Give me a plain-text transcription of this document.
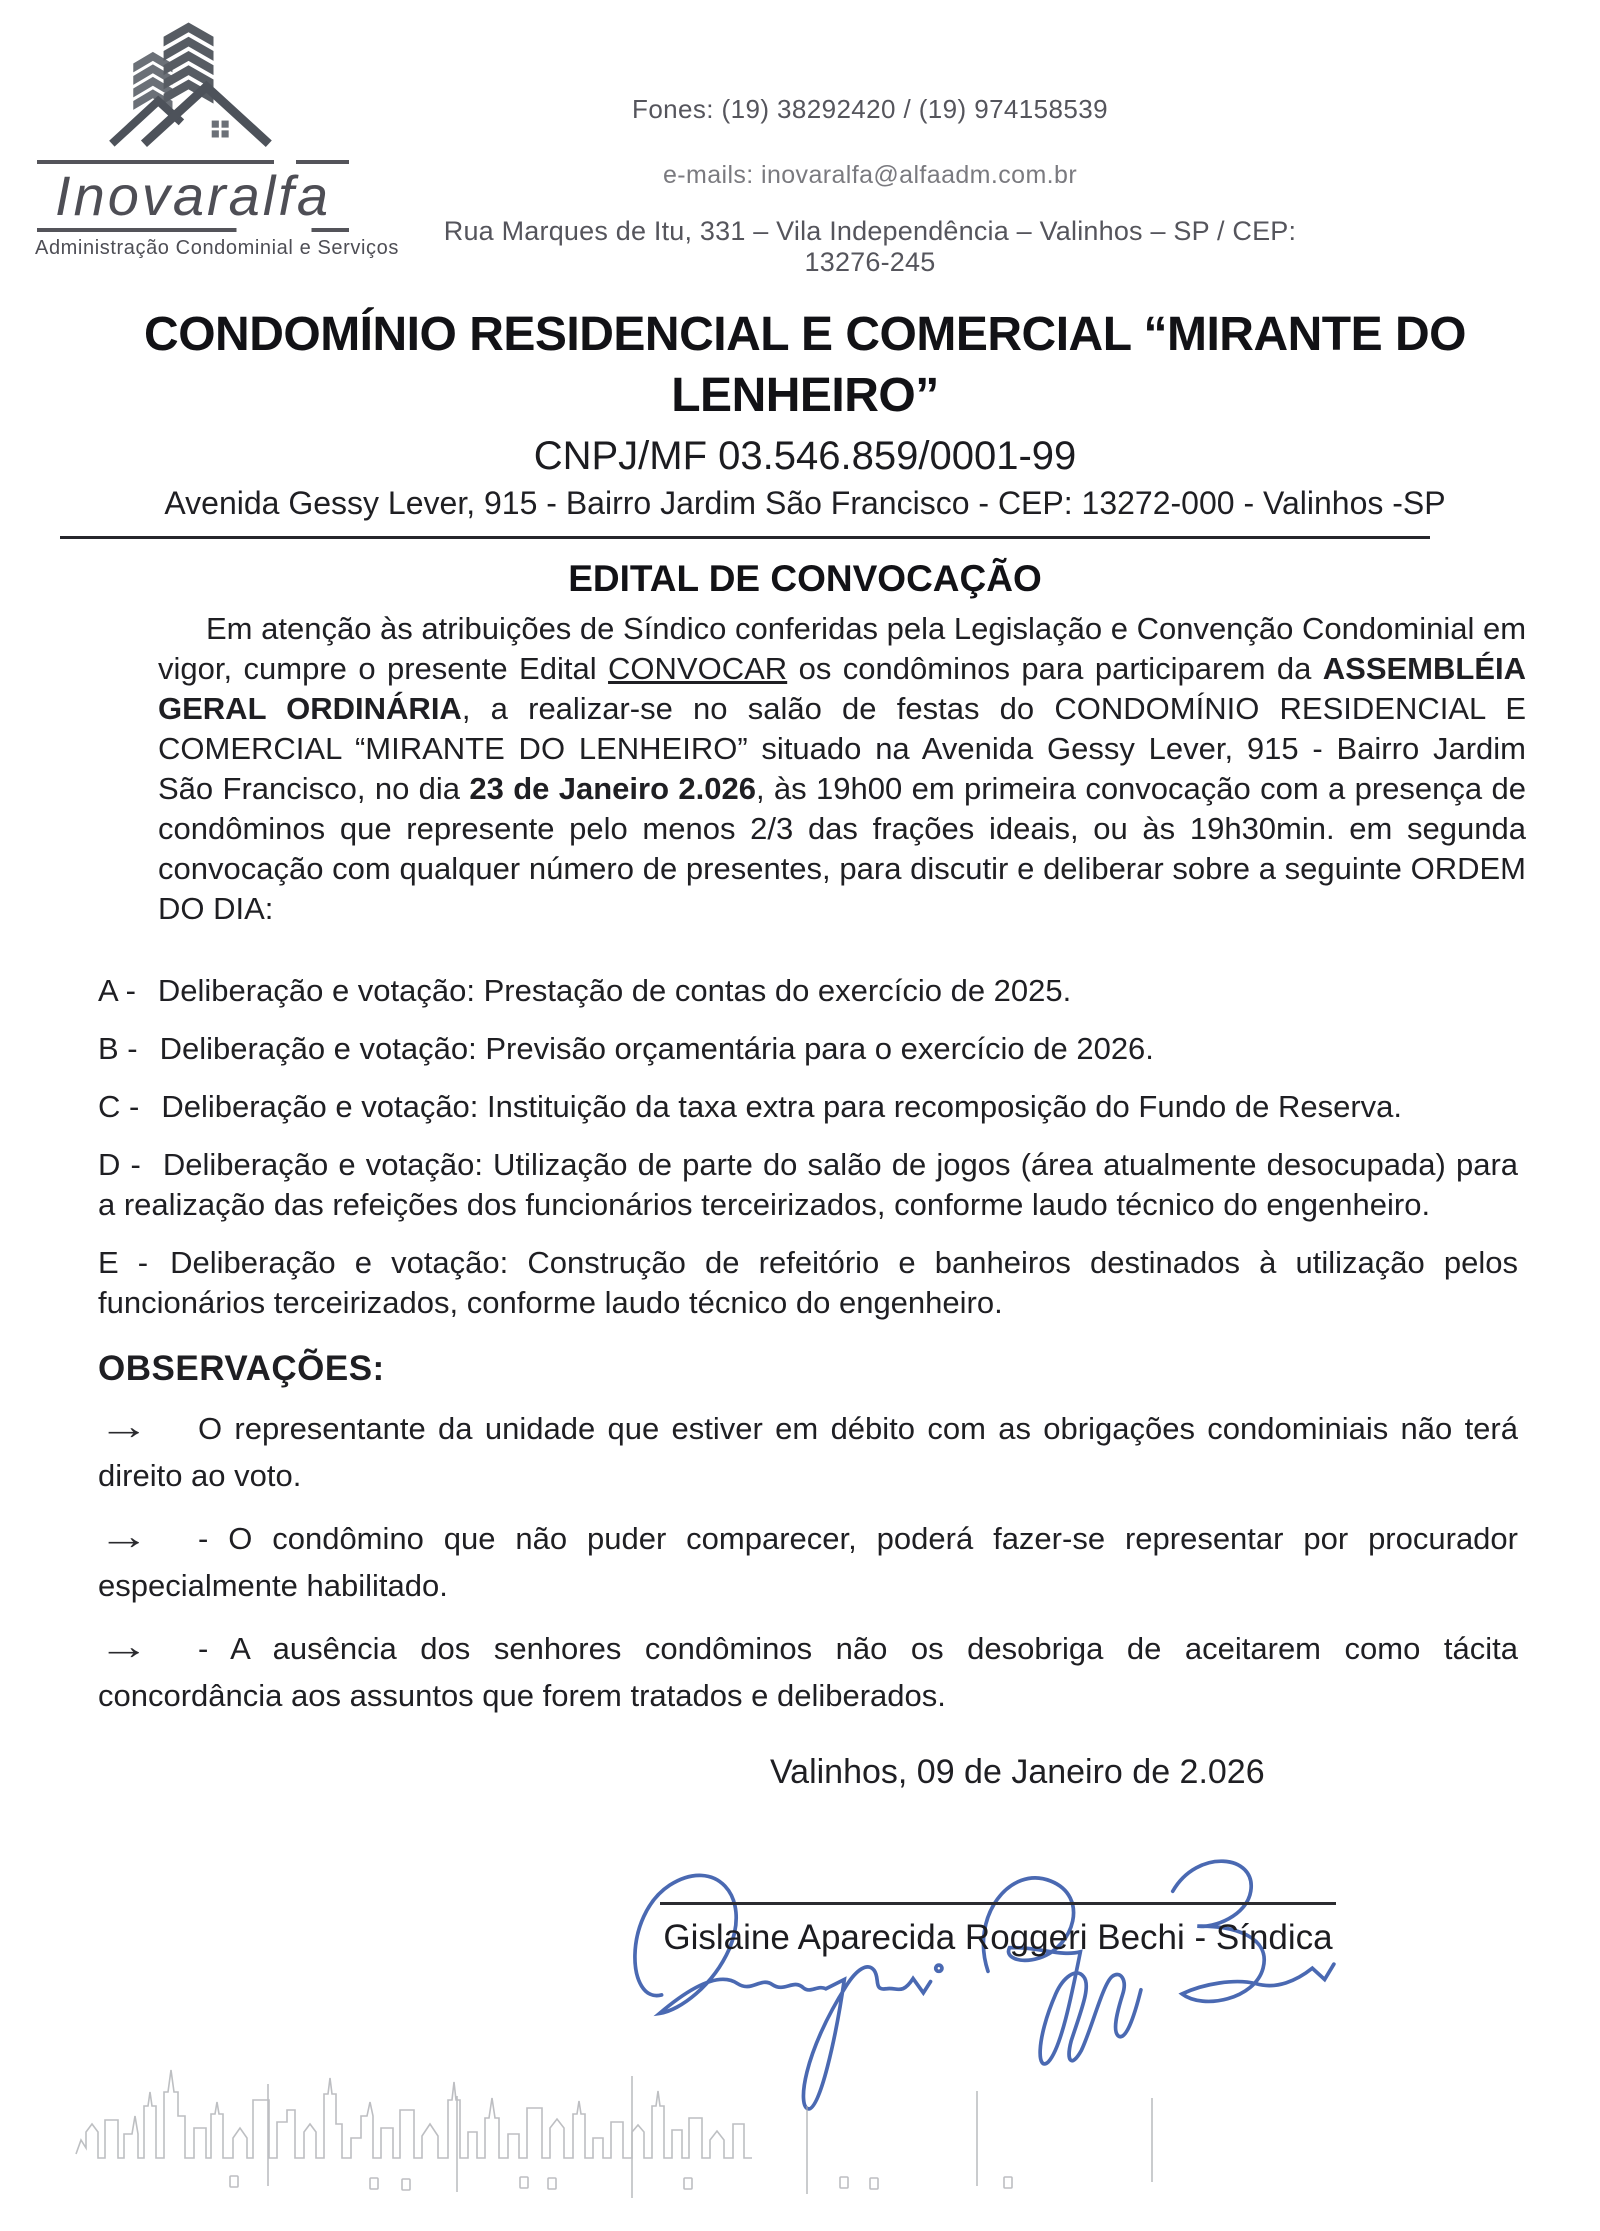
Inovaralfa
Administração Condominial e Serviços
Fones: (19) 38292420 / (19) 974158539
e-mails: inovaralfa@alfaadm.com.br
Rua Marques de Itu, 331 – Vila Independência – Valinhos – SP / CEP: 13276-245
CONDOMÍNIO RESIDENCIAL E COMERCIAL “MIRANTE DO
LENHEIRO”
CNPJ/MF 03.546.859/0001-99
Avenida Gessy Lever, 915 - Bairro Jardim São Francisco - CEP: 13272-000 - Valinhos -SP
EDITAL DE CONVOCAÇÃO

Em atenção às atribuições de Síndico conferidas pela Legislação e Convenção Condominial em vigor, cumpre o presente Edital CONVOCAR os condôminos para participarem da ASSEMBLÉIA GERAL ORDINÁRIA, a realizar-se no salão de festas do CONDOMÍNIO RESIDENCIAL E COMERCIAL “MIRANTE DO LENHEIRO” situado na Avenida Gessy Lever, 915 - Bairro Jardim São Francisco, no dia 23 de Janeiro 2.026, às 19h00 em primeira convocação com a presença de condôminos que represente pelo menos 2/3 das frações ideais, ou às 19h30min. em segunda convocação com qualquer número de presentes, para discutir e deliberar sobre a seguinte ORDEM DO DIA:

A - Deliberação e votação: Prestação de contas do exercício de 2025.

B - Deliberação e votação: Previsão orçamentária para o exercício de 2026.

C - Deliberação e votação: Instituição da taxa extra para recomposição do Fundo de Reserva.

D - Deliberação e votação: Utilização de parte do salão de jogos (área atualmente desocupada) para a realização das refeições dos funcionários terceirizados, conforme laudo técnico do engenheiro.

E - Deliberação e votação: Construção de refeitório e banheiros destinados à utilização pelos funcionários terceirizados, conforme laudo técnico do engenheiro.

OBSERVAÇÕES:

→ O representante da unidade que estiver em débito com as obrigações condominiais não terá direito ao voto.

→ - O condômino que não puder comparecer, poderá fazer-se representar por procurador especialmente habilitado.

→ - A ausência dos senhores condôminos não os desobriga de aceitarem como tácita concordância aos assuntos que forem tratados e deliberados.

Valinhos, 09 de Janeiro de 2.026
Gislaine Aparecida Roggeri Bechi - Síndica
